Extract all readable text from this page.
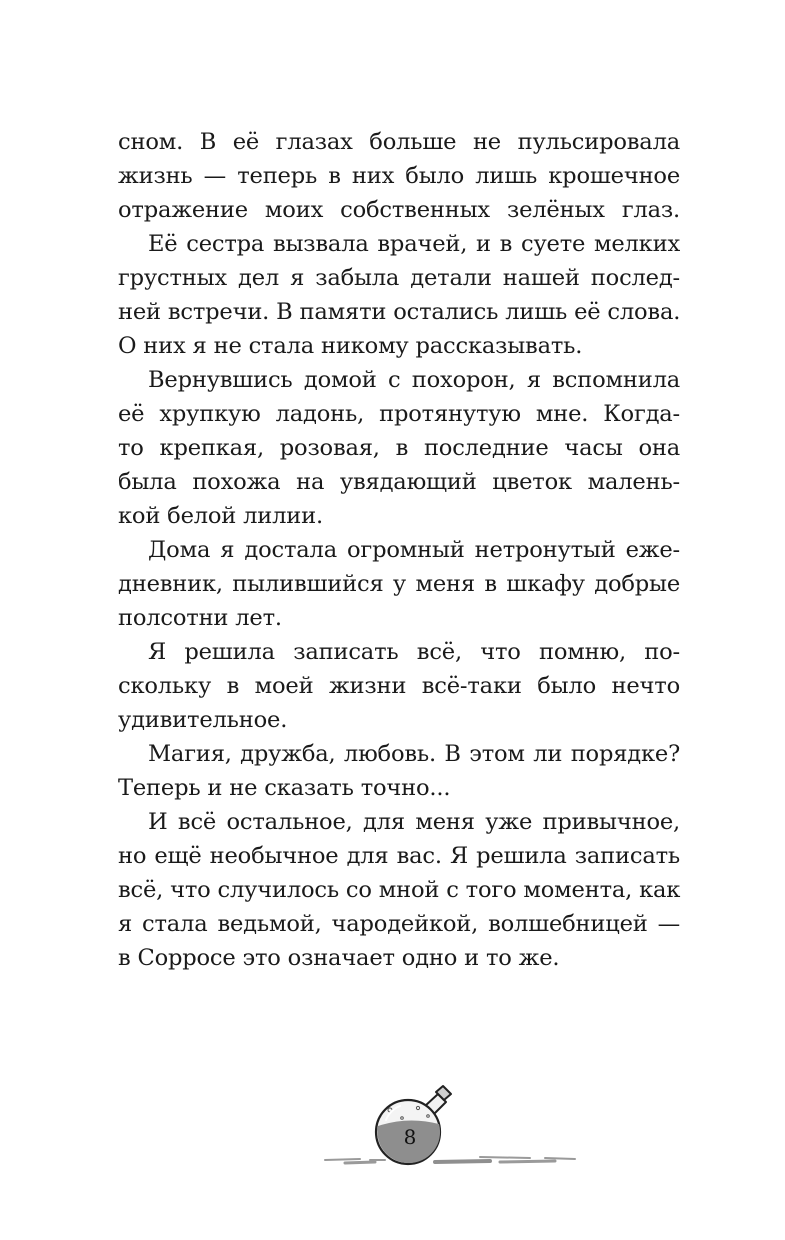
сном. В её глазах больше не пульсировала
жизнь — теперь в них было лишь крошечное
отражение моих собственных зелёных глаз.
Её сестра вызвала врачей, и в суете мелких
грустных дел я забыла детали нашей послед-
ней встречи. В памяти остались лишь её слова.
О них я не стала никому рассказывать.
Вернувшись домой с похорон, я вспомнила
её хрупкую ладонь, протянутую мне. Когда-
то крепкая, розовая, в последние часы она
была похожа на увядающий цветок малень-
кой белой лилии.
Дома я достала огромный нетронутый еже-
дневник, пылившийся у меня в шкафу добрые
полсотни лет.
Я решила записать всё, что помню, по-
скольку в моей жизни всё-таки было нечто
удивительное.
Магия, дружба, любовь. В этом ли порядке?
Теперь и не сказать точно...
И всё остальное, для меня уже привычное,
но ещё необычное для вас. Я решила записать
всё, что случилось со мной с того момента, как
я стала ведьмой, чародейкой, волшебницей —
в Сорросе это означает одно и то же.
8
